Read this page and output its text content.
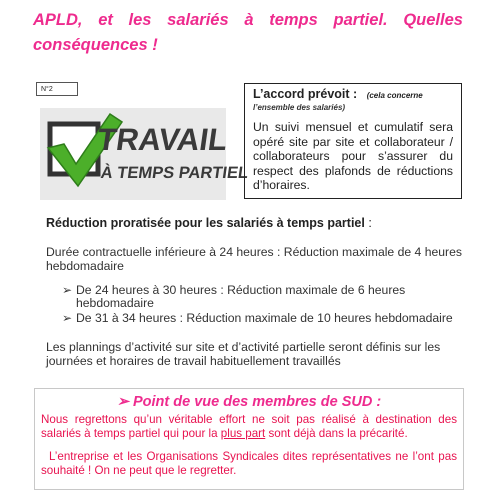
APLD, et les salariés à temps partiel. Quelles
conséquences !
N°2
TRAVAIL
À TEMPS PARTIEL
L’accord prévoit : (cela concerne
l’ensemble des salariés)
Un suivi mensuel et cumulatif sera opéré site par site et collaborateur / collaborateurs pour s’assurer du respect des plafonds de réductions d’horaires.
Réduction proratisée pour les salariés à temps partiel :
Durée contractuelle inférieure à 24 heures : Réduction maximale de 4 heures hebdomadaire
➢ De 24 heures à 30 heures : Réduction maximale de 6 heures hebdomadaire
➢ De 31 à 34 heures : Réduction maximale de 10 heures hebdomadaire
Les plannings d’activité sur site et d’activité partielle seront définis sur les journées et horaires de travail habituellement travaillés
➢ Point de vue des membres de SUD :
Nous regrettons qu’un véritable effort ne soit pas réalisé à destination des salariés à temps partiel qui pour la plus part sont déjà dans la précarité.
L’entreprise et les Organisations Syndicales dites représentatives ne l’ont pas souhaité ! On ne peut que le regretter.
